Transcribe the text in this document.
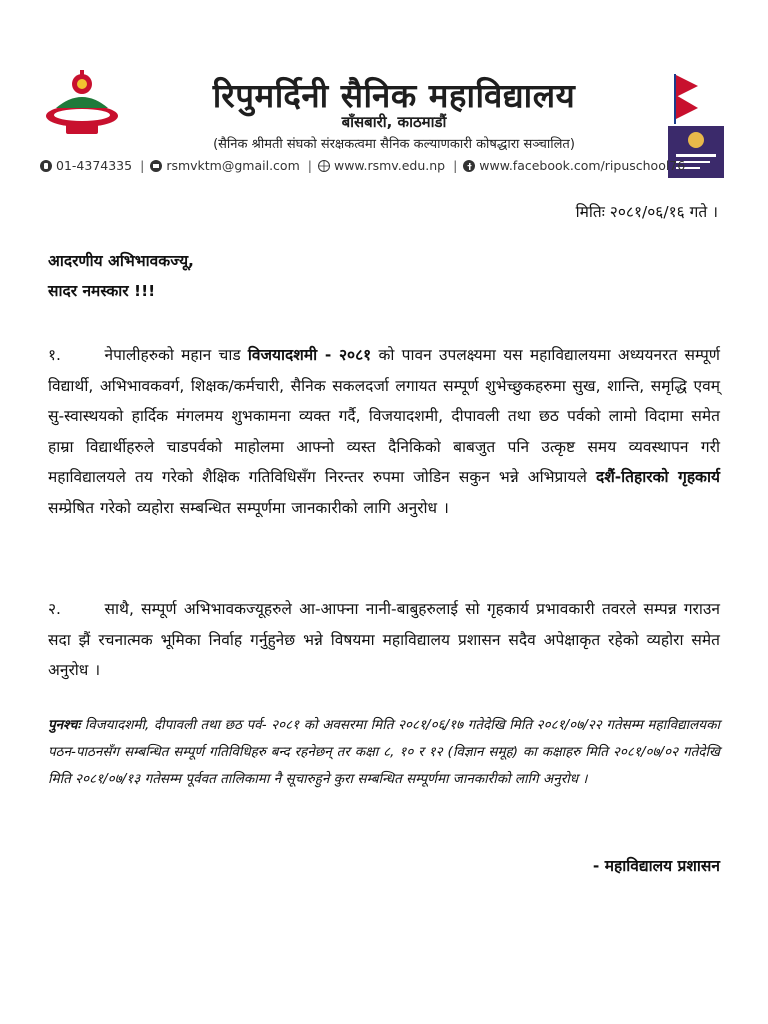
रिपुमर्दिनी सैनिक महाविद्यालय
बाँसबारी, काठमाडौं
(सैनिक श्रीमती संघको संरक्षकत्वमा सैनिक कल्याणकारी कोषद्धारा सञ्चालित)
01-4374335 | rsmvktm@gmail.com | www.rsmv.edu.np | www.facebook.com/ripuschool76
मितिः २०८१/०६/१६ गते ।
आदरणीय अभिभावकज्यू,
सादर नमस्कार !!!
१.	नेपालीहरुको महान चाड विजयादशमी - २०८१ को पावन उपलक्ष्यमा यस महाविद्यालयमा अध्ययनरत सम्पूर्ण विद्यार्थी, अभिभावकवर्ग, शिक्षक/कर्मचारी, सैनिक सकलदर्जा लगायत सम्पूर्ण शुभेच्छुकहरुमा सुख, शान्ति, समृद्धि एवम् सु-स्वास्थयको हार्दिक मंगलमय शुभकामना व्यक्त गर्दै, विजयादशमी, दीपावली तथा छठ पर्वको लामो विदामा समेत हाम्रा विद्यार्थीहरुले चाडपर्वको माहोलमा आफ्नो व्यस्त दैनिकिको बाबजुत पनि उत्कृष्ट समय व्यवस्थापन गरी महाविद्यालयले तय गरेको शैक्षिक गतिविधिसँग निरन्तर रुपमा जोडिन सकुन भन्ने अभिप्रायले दशैं-तिहारको गृहकार्य सम्प्रेषित गरेको व्यहोरा सम्बन्धित सम्पूर्णमा जानकारीको लागि अनुरोध ।
२.	साथै, सम्पूर्ण अभिभावकज्यूहरुले आ-आफ्ना नानी-बाबुहरुलाई सो गृहकार्य प्रभावकारी तवरले सम्पन्न गराउन सदा झैं रचनात्मक भूमिका निर्वाह गर्नुहुनेछ भन्ने विषयमा महाविद्यालय प्रशासन सदैव अपेक्षाकृत रहेको व्यहोरा समेत अनुरोध ।
पुनश्चः विजयादशमी, दीपावली तथा छठ पर्व- २०८१ को अवसरमा मिति २०८१/०६/१७ गतेदेखि मिति २०८१/०७/२२ गतेसम्म महाविद्यालयका पठन-पाठनसँग सम्बन्धित सम्पूर्ण गतिविधिहरु बन्द रहनेछन् तर कक्षा ८, १० र १२ (विज्ञान समूह) का कक्षाहरु मिति २०८१/०७/०२ गतेदेखि मिति २०८१/०७/१३ गतेसम्म पूर्ववत तालिकामा नै सूचारुहुने कुरा सम्बन्धित सम्पूर्णमा जानकारीको लागि अनुरोध ।
- महाविद्यालय प्रशासन
